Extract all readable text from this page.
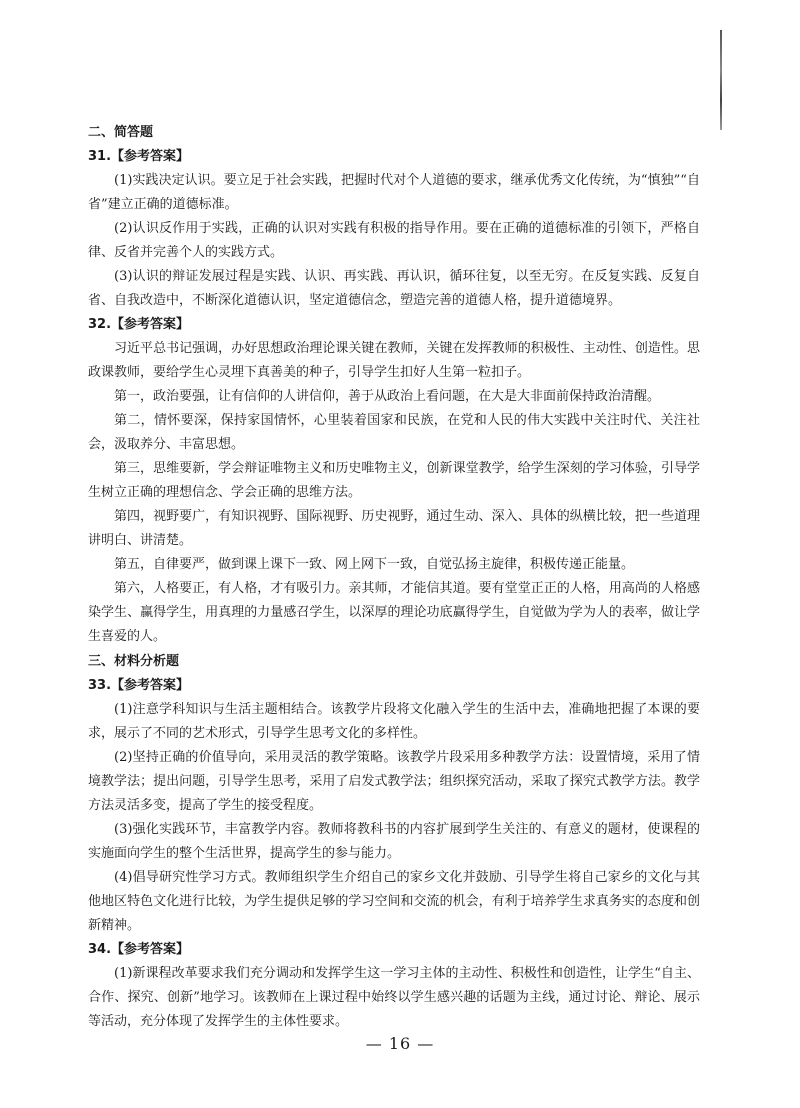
二、简答题
31.【参考答案】

(1)实践决定认识。要立足于社会实践，把握时代对个人道德的要求，继承优秀文化传统，为“慎独”“自省”建立正确的道德标准。

(2)认识反作用于实践，正确的认识对实践有积极的指导作用。要在正确的道德标准的引领下，严格自律、反省并完善个人的实践方式。

(3)认识的辩证发展过程是实践、认识、再实践、再认识，循环往复，以至无穷。在反复实践、反复自省、自我改造中，不断深化道德认识，坚定道德信念，塑造完善的道德人格，提升道德境界。

32.【参考答案】

习近平总书记强调，办好思想政治理论课关键在教师，关键在发挥教师的积极性、主动性、创造性。思政课教师，要给学生心灵埋下真善美的种子，引导学生扣好人生第一粒扣子。

第一，政治要强，让有信仰的人讲信仰，善于从政治上看问题，在大是大非面前保持政治清醒。

第二，情怀要深，保持家国情怀，心里装着国家和民族，在党和人民的伟大实践中关注时代、关注社会，汲取养分、丰富思想。

第三，思维要新，学会辩证唯物主义和历史唯物主义，创新课堂教学，给学生深刻的学习体验，引导学生树立正确的理想信念、学会正确的思维方法。

第四，视野要广，有知识视野、国际视野、历史视野，通过生动、深入、具体的纵横比较，把一些道理讲明白、讲清楚。

第五，自律要严，做到课上课下一致、网上网下一致，自觉弘扬主旋律，积极传递正能量。

第六，人格要正，有人格，才有吸引力。亲其师，才能信其道。要有堂堂正正的人格，用高尚的人格感染学生、赢得学生，用真理的力量感召学生，以深厚的理论功底赢得学生，自觉做为学为人的表率，做让学生喜爱的人。

三、材料分析题
33.【参考答案】

(1)注意学科知识与生活主题相结合。该教学片段将文化融入学生的生活中去，准确地把握了本课的要求，展示了不同的艺术形式，引导学生思考文化的多样性。

(2)坚持正确的价值导向，采用灵活的教学策略。该教学片段采用多种教学方法：设置情境，采用了情境教学法；提出问题，引导学生思考，采用了启发式教学法；组织探究活动，采取了探究式教学方法。教学方法灵活多变，提高了学生的接受程度。

(3)强化实践环节，丰富教学内容。教师将教科书的内容扩展到学生关注的、有意义的题材，使课程的实施面向学生的整个生活世界，提高学生的参与能力。

(4)倡导研究性学习方式。教师组织学生介绍自己的家乡文化并鼓励、引导学生将自己家乡的文化与其他地区特色文化进行比较，为学生提供足够的学习空间和交流的机会，有利于培养学生求真务实的态度和创新精神。

34.【参考答案】

(1)新课程改革要求我们充分调动和发挥学生这一学习主体的主动性、积极性和创造性，让学生“自主、合作、探究、创新”地学习。该教师在上课过程中始终以学生感兴趣的话题为主线，通过讨论、辩论、展示等活动，充分体现了发挥学生的主体性要求。

— 16 —
